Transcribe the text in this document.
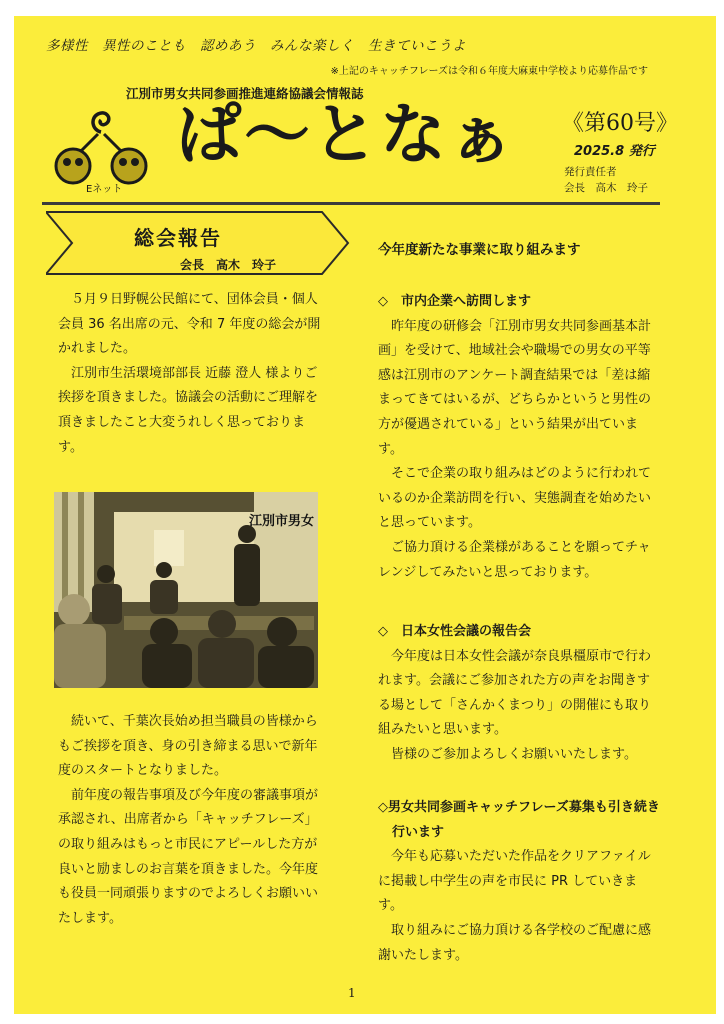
多様性　異性のことも　認めあう　みんな楽しく　生きていこうよ
※上記のキャッチフレーズは令和６年度大麻東中学校より応募作品です
江別市男女共同参画推進連絡協議会情報誌
Eネット
ぱ～となぁ 《第60号》
2025.8 発行
発行責任者
会長　高木　玲子
総会報告
会長　高木　玲子

５月９日野幌公民館にて、団体会員・個人会員 36 名出席の元、令和 7 年度の総会が開かれました。

江別市生活環境部部長 近藤 澄人 様よりご挨拶を頂きました。協議会の活動にご理解を頂きましたこと大変うれしく思っております。

江別市男女

続いて、千葉次長始め担当職員の皆様からもご挨拶を頂き、身の引き締まる思いで新年度のスタートとなりました。

前年度の報告事項及び今年度の審議事項が承認され、出席者から「キャッチフレーズ」の取り組みはもっと市民にアピールした方が良いと励ましのお言葉を頂きました。今年度も役員一同頑張りますのでよろしくお願いいたします。

今年度新たな事業に取り組みます

◇　市内企業へ訪問します

昨年度の研修会「江別市男女共同参画基本計画」を受けて、地域社会や職場での男女の平等感は江別市のアンケート調査結果では「差は縮まってきてはいるが、どちらかというと男性の方が優遇されている」という結果が出ています。

そこで企業の取り組みはどのように行われているのか企業訪問を行い、実態調査を始めたいと思っています。

ご協力頂ける企業様があることを願ってチャレンジしてみたいと思っております。

◇　日本女性会議の報告会

今年度は日本女性会議が奈良県橿原市で行われます。会議にご参加された方の声をお聞きする場として「さんかくまつり」の開催にも取り組みたいと思います。

皆様のご参加よろしくお願いいたします。

◇男女共同参画キャッチフレーズ募集も引き続き行います

今年も応募いただいた作品をクリアファイルに掲載し中学生の声を市民に PR していきます。

取り組みにご協力頂ける各学校のご配慮に感謝いたします。

1
